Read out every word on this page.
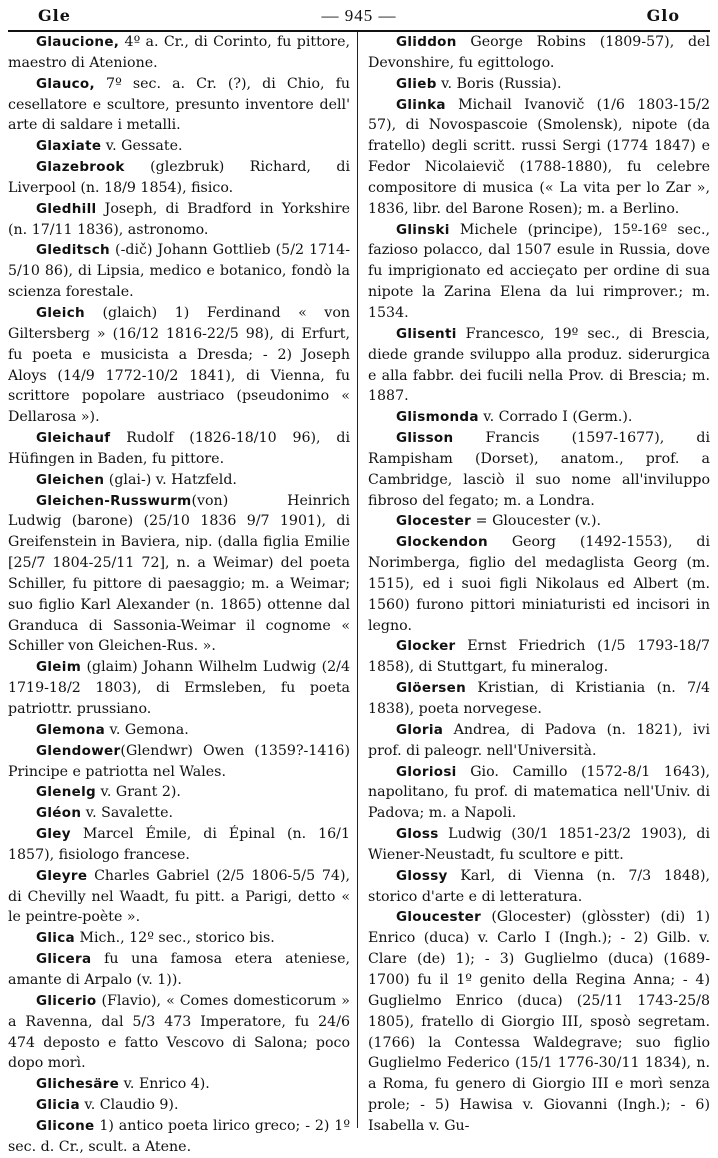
Gle	— 945 —	Glo

Glaucione, 4º a. Cr., di Corinto, fu pittore, maestro di Atenione.

Glauco, 7º sec. a. Cr. (?), di Chio, fu cesellatore e scultore, presunto inventore dell' arte di saldare i metalli.

Glaxiate v. Gessate.

Glazebrook (glezbruk) Richard, di Liverpool (n. 18/9 1854), fisico.

Gledhill Joseph, di Bradford in Yorkshire (n. 17/11 1836), astronomo.

Gleditsch (-dič) Johann Gottlieb (5/2 1714-5/10 86), di Lipsia, medico e botanico, fondò la scienza forestale.

Gleich (glaich) 1) Ferdinand « von Giltersberg » (16/12 1816-22/5 98), di Erfurt, fu poeta e musicista a Dresda; - 2) Joseph Aloys (14/9 1772-10/2 1841), di Vienna, fu scrittore popolare austriaco (pseudonimo « Dellarosa »).

Gleichauf Rudolf (1826-18/10 96), di Hüfingen in Baden, fu pittore.

Gleichen (glai-) v. Hatzfeld.

Gleichen-Russwurm(von) Heinrich Ludwig (barone) (25/10 1836 9/7 1901), di Greifenstein in Baviera, nip. (dalla figlia Emilie [25/7 1804-25/11 72], n. a Weimar) del poeta Schiller, fu pittore di paesaggio; m. a Weimar; suo figlio Karl Alexander (n. 1865) ottenne dal Granduca di Sassonia-Weimar il cognome « Schiller von Gleichen-Rus. ».

Gleim (glaim) Johann Wilhelm Ludwig (2/4 1719-18/2 1803), di Ermsleben, fu poeta patriottr. prussiano.

Glemona v. Gemona.

Glendower(Glendwr) Owen (1359?-1416) Principe e patriotta nel Wales.

Glenelg v. Grant 2).

Gléon v. Savalette.

Gley Marcel Émile, di Épinal (n. 16/1 1857), fisiologo francese.

Gleyre Charles Gabriel (2/5 1806-5/5 74), di Chevilly nel Waadt, fu pitt. a Parigi, detto « le peintre-poète ».

Glica Mich., 12º sec., storico bis.

Glicera fu una famosa etera ateniese, amante di Arpalo (v. 1)).

Glicerio (Flavio), « Comes domesticorum » a Ravenna, dal 5/3 473 Imperatore, fu 24/6 474 deposto e fatto Vescovo di Salona; poco dopo morì.

Glichesäre v. Enrico 4).

Glicia v. Claudio 9).

Glicone 1) antico poeta lirico greco; - 2) 1º sec. d. Cr., scult. a Atene.

Gliddon George Robins (1809-57), del Devonshire, fu egittologo.

Glieb v. Boris (Russia).

Glinka Michail Ivanovič (1/6 1803-15/2 57), di Novospascoie (Smolensk), nipote (da fratello) degli scritt. russi Sergi (1774 1847) e Fedor Nicolaievič (1788-1880), fu celebre compositore di musica (« La vita per lo Zar », 1836, libr. del Barone Rosen); m. a Berlino.

Glinski Michele (principe), 15º-16º sec., fazioso polacco, dal 1507 esule in Russia, dove fu imprigionato ed accieçato per ordine di sua nipote la Zarina Elena da lui rimprover.; m. 1534.

Glisenti Francesco, 19º sec., di Brescia, diede grande sviluppo alla produz. siderurgica e alla fabbr. dei fucili nella Prov. di Brescia; m. 1887.

Glismonda v. Corrado I (Germ.).

Glisson Francis (1597-1677), di Rampisham (Dorset), anatom., prof. a Cambridge, lasciò il suo nome all'inviluppo fibroso del fegato; m. a Londra.

Glocester = Gloucester (v.).

Glockendon Georg (1492-1553), di Norimberga, figlio del medaglista Georg (m. 1515), ed i suoi figli Nikolaus ed Albert (m. 1560) furono pittori miniaturisti ed incisori in legno.

Glocker Ernst Friedrich (1/5 1793-18/7 1858), di Stuttgart, fu mineralog.

Glöersen Kristian, di Kristiania (n. 7/4 1838), poeta norvegese.

Gloria Andrea, di Padova (n. 1821), ivi prof. di paleogr. nell'Università.

Gloriosi Gio. Camillo (1572-8/1 1643), napolitano, fu prof. di matematica nell'Univ. di Padova; m. a Napoli.

Gloss Ludwig (30/1 1851-23/2 1903), di Wiener-Neustadt, fu scultore e pitt.

Glossy Karl, di Vienna (n. 7/3 1848), storico d'arte e di letteratura.

Gloucester (Glocester) (glòsster) (di) 1) Enrico (duca) v. Carlo I (Ingh.); - 2) Gilb. v. Clare (de) 1); - 3) Guglielmo (duca) (1689-1700) fu il 1º genito della Regina Anna; - 4) Guglielmo Enrico (duca) (25/11 1743-25/8 1805), fratello di Giorgio III, sposò segretam. (1766) la Contessa Waldegrave; suo figlio Guglielmo Federico (15/1 1776-30/11 1834), n. a Roma, fu genero di Giorgio III e morì senza prole; - 5) Hawisa v. Giovanni (Ingh.); - 6) Isabella v. Gu-
